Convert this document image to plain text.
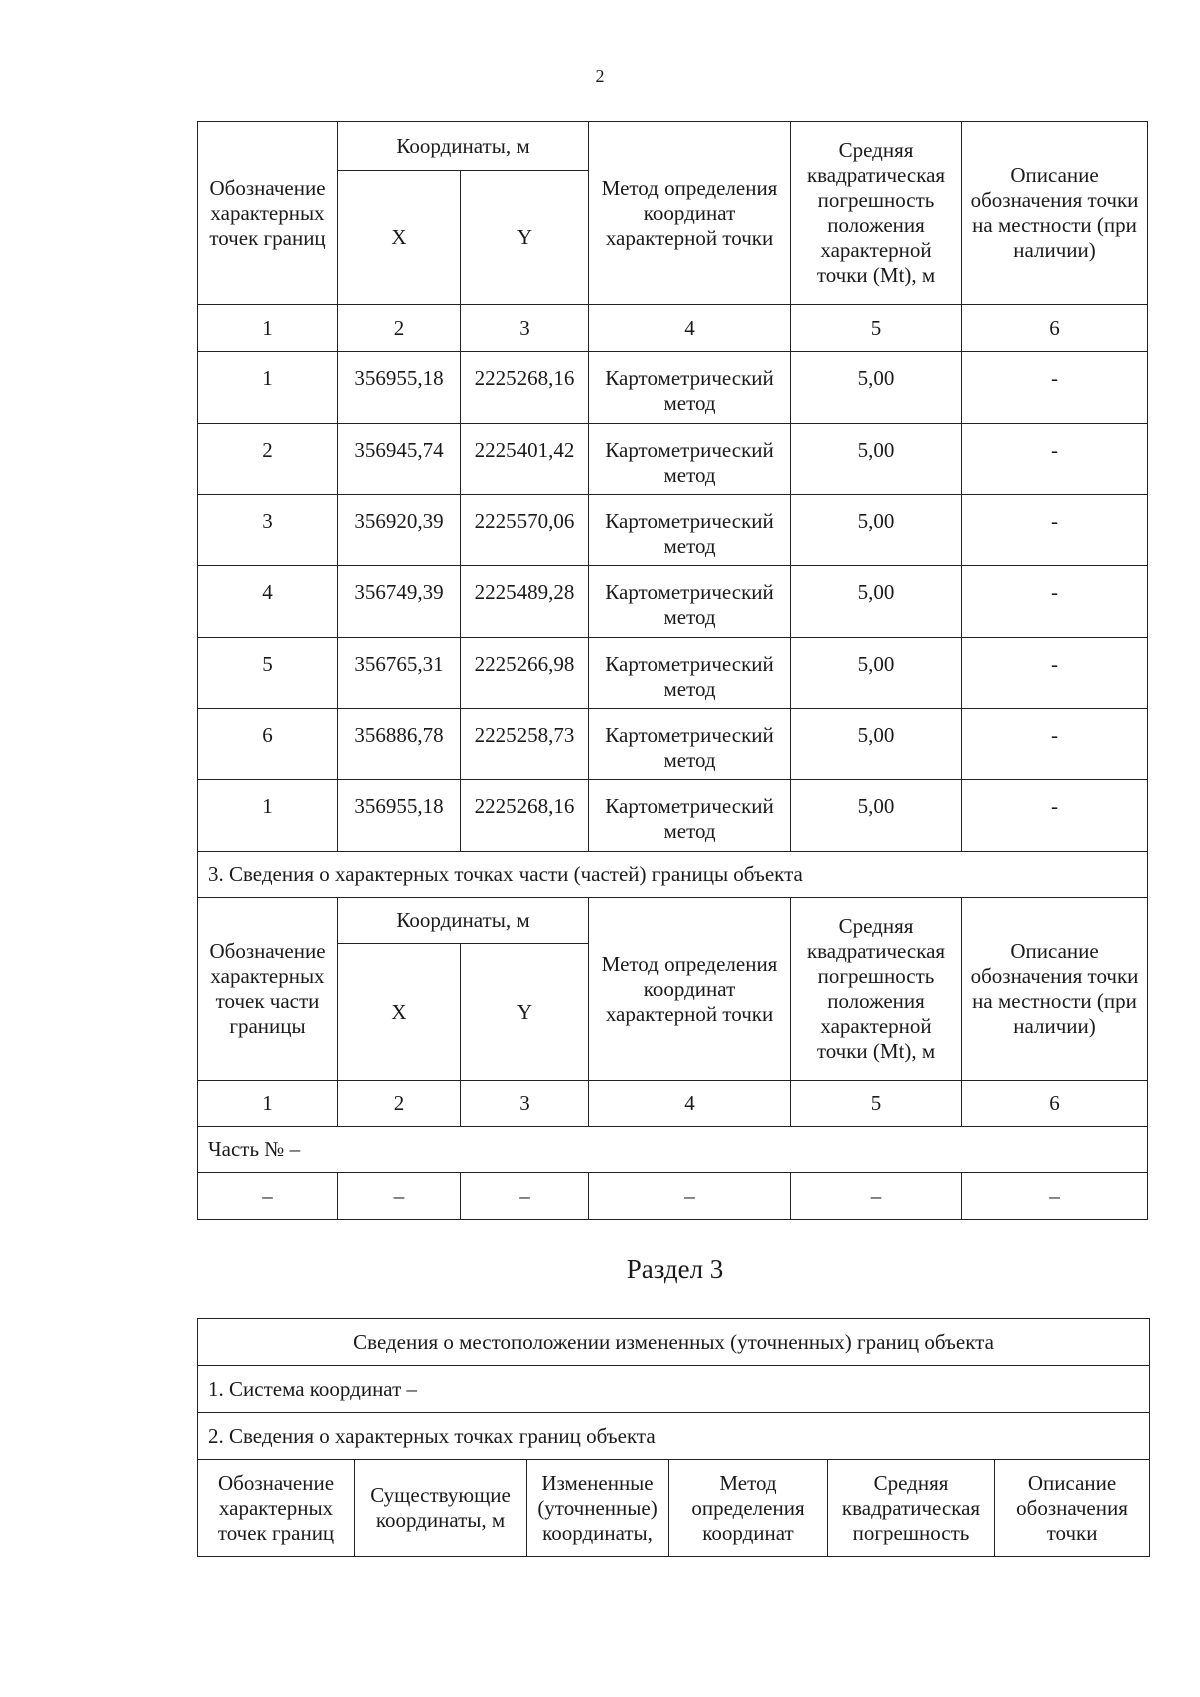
2
Обозначение характерных точек границ	Координаты, м		Метод определения координат характерной точки	Средняя квадратическая погрешность положения характерной точки (Mt), м	Описание обозначения точки на местности (при наличии)
	X	Y			
1	2	3	4	5	6
1	356955,18	2225268,16	Картометрический метод	5,00	-
2	356945,74	2225401,42	Картометрический метод	5,00	-
3	356920,39	2225570,06	Картометрический метод	5,00	-
4	356749,39	2225489,28	Картометрический метод	5,00	-
5	356765,31	2225266,98	Картометрический метод	5,00	-
6	356886,78	2225258,73	Картометрический метод	5,00	-
1	356955,18	2225268,16	Картометрический метод	5,00	-
3. Сведения о характерных точках части (частей) границы объекта					
Обозначение характерных точек части границы	Координаты, м		Метод определения координат характерной точки	Средняя квадратическая погрешность положения характерной точки (Mt), м	Описание обозначения точки на местности (при наличии)
	X	Y			
1	2	3	4	5	6
Часть № –					
–	–	–	–	–	–
Раздел 3
Сведения о местоположении измененных (уточненных) границ объекта
1. Система координат –
2. Сведения о характерных точках границ объекта
Обозначение характерных точек границ	Существующие координаты, м	Измененные (уточненные) координаты,	Метод определения координат	Средняя квадратическая погрешность	Описание обозначения точки
